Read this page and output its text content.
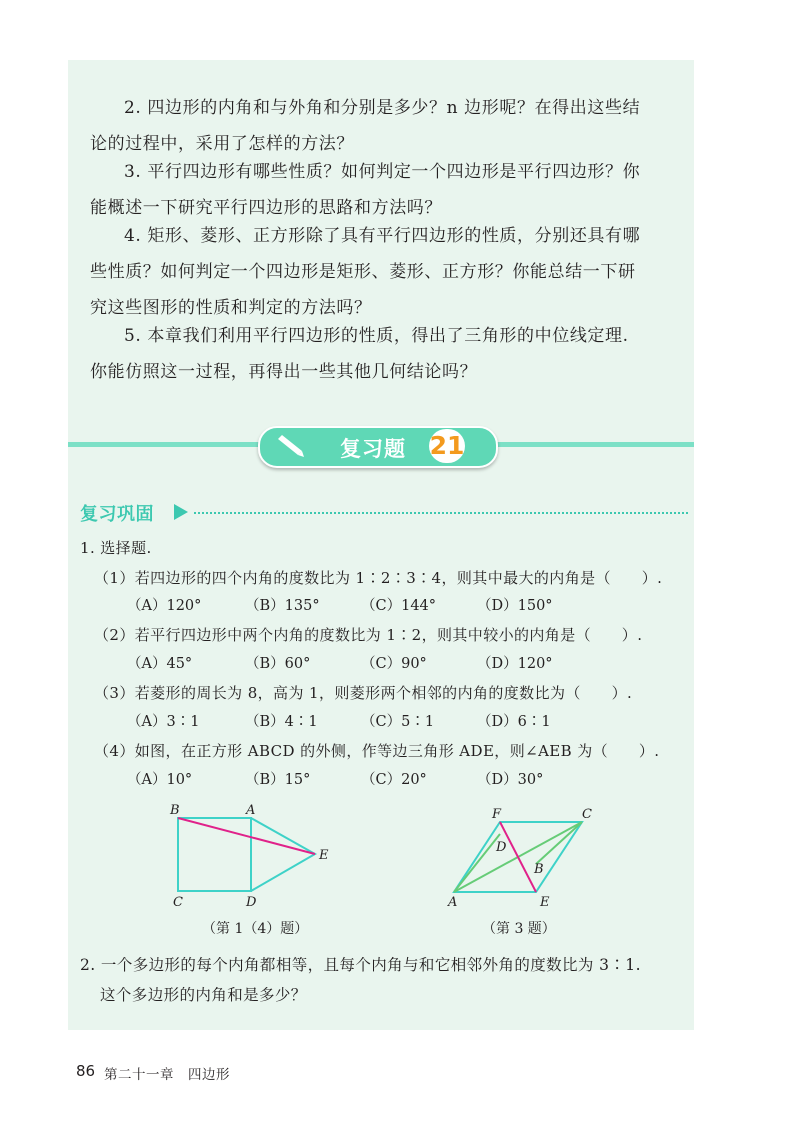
2. 四边形的内角和与外角和分别是多少？n 边形呢？在得出这些结
论的过程中，采用了怎样的方法？
3. 平行四边形有哪些性质？如何判定一个四边形是平行四边形？你
能概述一下研究平行四边形的思路和方法吗？
4. 矩形、菱形、正方形除了具有平行四边形的性质，分别还具有哪
些性质？如何判定一个四边形是矩形、菱形、正方形？你能总结一下研
究这些图形的性质和判定的方法吗？
5. 本章我们利用平行四边形的性质，得出了三角形的中位线定理.
你能仿照这一过程，再得出一些其他几何结论吗？
复习题 21
复习巩固
1. 选择题.
（1）若四边形的四个内角的度数比为 1∶2∶3∶4，则其中最大的内角是（　　）.
（A）120°	（B）135°	（C）144°	（D）150°
（2）若平行四边形中两个内角的度数比为 1∶2，则其中较小的内角是（　　）.
（A）45°	（B）60°	（C）90°	（D）120°
（3）若菱形的周长为 8，高为 1，则菱形两个相邻的内角的度数比为（　　）.
（A）3∶1	（B）4∶1	（C）5∶1	（D）6∶1
（4）如图，在正方形 ABCD 的外侧，作等边三角形 ADE，则∠AEB 为（　　）.
（A）10°	（B）15°	（C）20°	（D）30°
B	A
C	D
E
（第 1（4）题）
F	C
D
B
A	E
（第 3 题）
2. 一个多边形的每个内角都相等，且每个内角与和它相邻外角的度数比为 3∶1.
这个多边形的内角和是多少？
86 第二十一章　四边形
